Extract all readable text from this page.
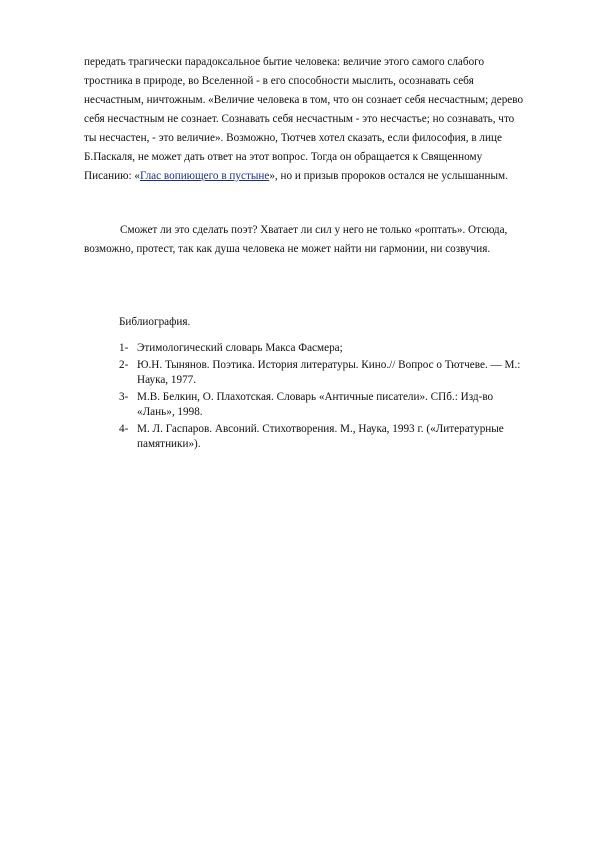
передать трагически парадоксальное бытие человека: величие этого самого слабого тростника в природе, во Вселенной - в его способности мыслить, осознавать себя несчастным, ничтожным. «Величие человека в том, что он сознает себя несчастным; дерево себя несчастным не сознает. Сознавать себя несчастным - это несчастье; но сознавать, что ты несчастен, - это величие». Возможно, Тютчев хотел сказать, если философия, в лице Б.Паскаля, не может дать ответ на этот вопрос. Тогда он обращается к Священному Писанию: «Глас вопиющего в пустыне», но и призыв пророков остался не услышанным.

Сможет ли это сделать поэт? Хватает ли сил у него не только «роптать». Отсюда, возможно, протест, так как душа человека не может найти ни гармонии, ни созвучия.

Библиография.

1- Этимологический словарь Макса Фасмера;
2- Ю.Н. Тынянов. Поэтика. История литературы. Кино.// Вопрос о Тютчеве. — М.: Наука, 1977.
3- М.В. Белкин, О. Плахотская. Словарь «Античные писатели». СПб.: Изд-во «Лань», 1998.
4- М. Л. Гаспаров. Авсоний. Стихотворения. М., Наука, 1993 г. («Литературные памятники»).
